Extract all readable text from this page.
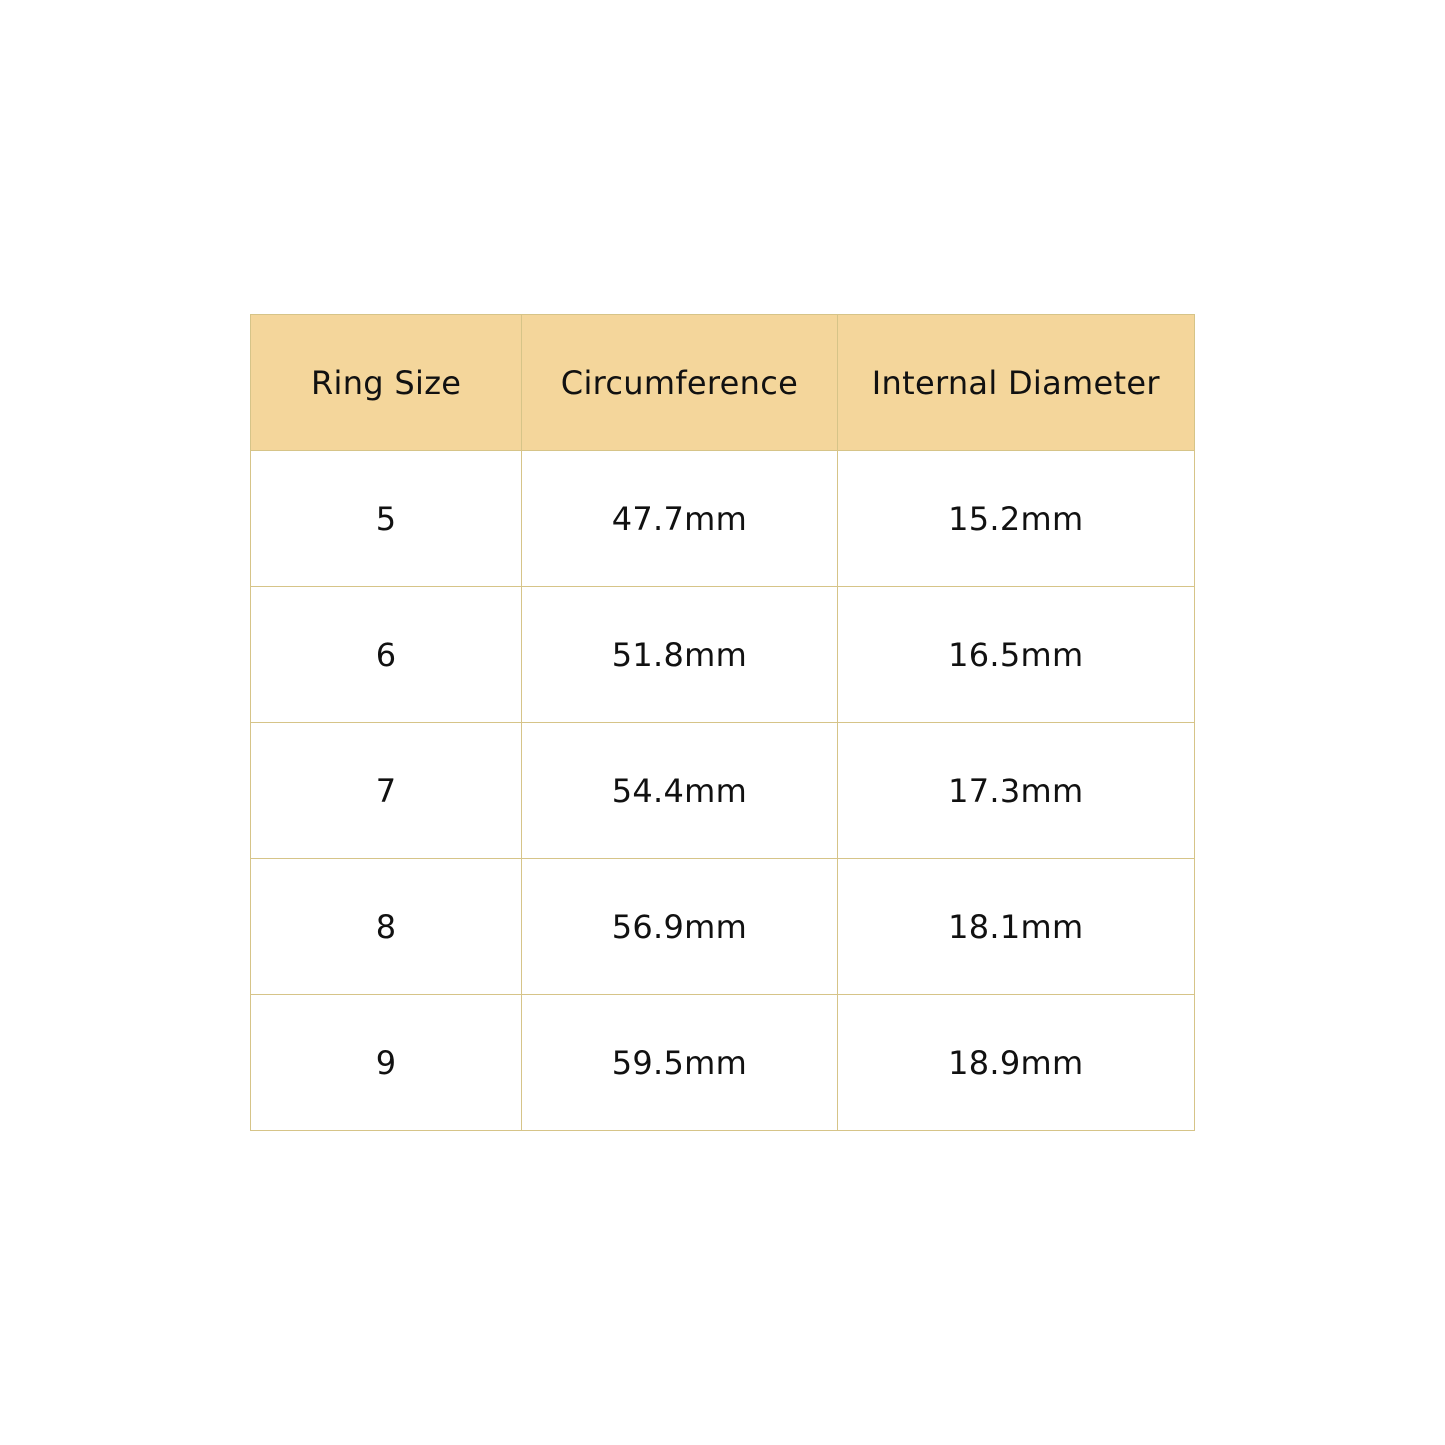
Ring Size	Circumference	Internal Diameter
5	47.7mm	15.2mm
6	51.8mm	16.5mm
7	54.4mm	17.3mm
8	56.9mm	18.1mm
9	59.5mm	18.9mm
